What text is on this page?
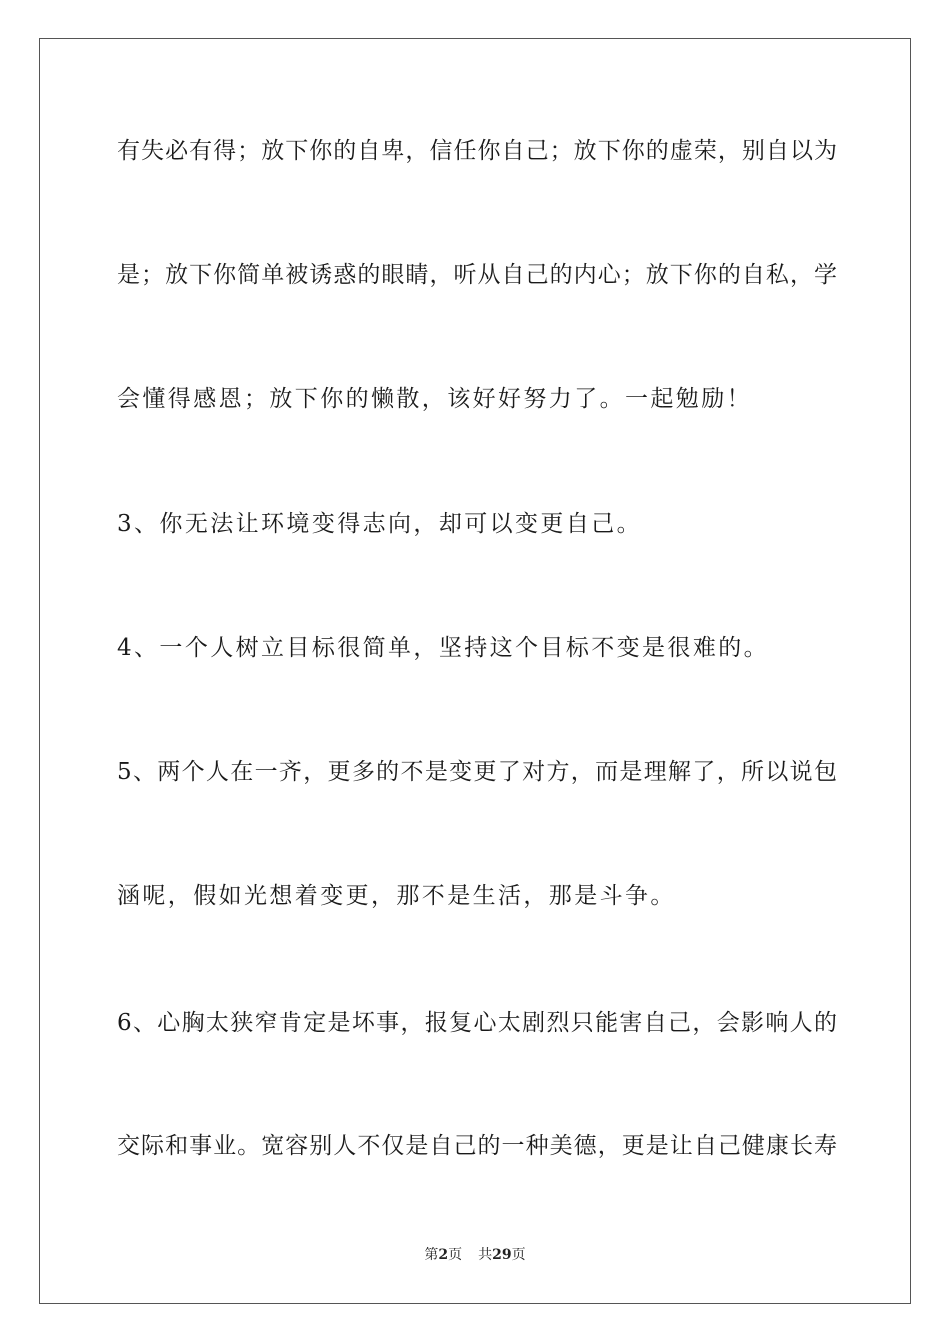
有失必有得；放下你的自卑，信任你自己；放下你的虚荣，别自以为
是；放下你简单被诱惑的眼睛，听从自己的内心；放下你的自私，学
会懂得感恩；放下你的懒散，该好好努力了。一起勉励！
3、你无法让环境变得志向，却可以变更自己。
4、一个人树立目标很简单，坚持这个目标不变是很难的。
5、两个人在一齐，更多的不是变更了对方，而是理解了，所以说包
涵呢，假如光想着变更，那不是生活，那是斗争。
6、心胸太狭窄肯定是坏事，报复心太剧烈只能害自己，会影响人的
交际和事业。宽容别人不仅是自己的一种美德，更是让自己健康长寿
第2页 共29页
